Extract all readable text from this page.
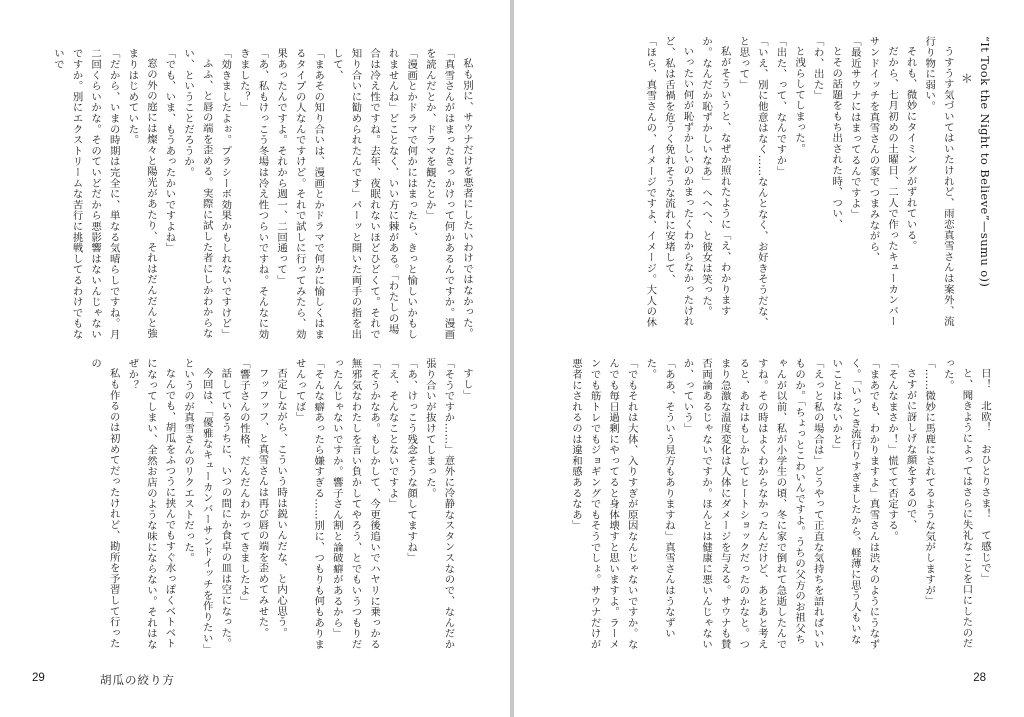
私も別に、サウナだけを悪者にしたいわけではなかった。

「真雪さんがはまったきっかけって何かあるんですか。漫画を読んだとか、ドラマを観たとか」

「漫画とかドラマで何かにはまったら、きっと愉しいかもしれませんね」どことなく、いい方に棘がある。「わたしの場合は冷え性ですね。去年、夜眠れないほどひどくて。それで知り合いに勧められたんです」パーッと開いた両手の指を出して、

「まあその知り合いは、漫画とかドラマで何かに愉しくはまるタイプの人なんですけど。それで試しに行ってみたら、効果あったんですよ。それから週一、二回通って」

「あ、私もけっこう冬場は冷え性つらいですね。そんなに効きました？」

「効きましたよぉ。プラシーボ効果かもしれないですけど」

ふふ、と唇の端を歪める。実際に試した者にしかわからない、ということだろうか。

「でも、いま、もうあったかいですよね」

窓の外の庭には燦々と陽光があたり、それはだんだんと強まりはじめていた。

「だから、いまの時期は完全に、単なる気晴らしですね。月二回くらいかな。そのていどだから悪影響はないんじゃないですか。別にエクストリームな苦行に挑戦してるわけでもないで

すし」

「そうですか……」意外に冷静なスタンスなので、なんだか張り合いが抜けてしまった。

「あ、けっこう残念そうな顔してますね」

「え、そんなことないですよ」

「そうかなあ。もしかして、今更後追いでハヤリに乗っかる無邪気なわたしを言い負かしてやろう、とでもいうつもりだったんじゃないですか。響子さん割と論破癖があるから」

「そんな癖あったら嫌すぎる……別に、つもりも何もありませんってば」

否定しながら、こういう時は鋭いんだな、と内心思う。

フッフッフ、と真雪さんは再び唇の端を歪めてみせた。「響子さんの性格、だんだんわかってきましたよ」

話しているうちに、いつの間にか食卓の皿は空になった。

今回は、「優雅なキューカンバーサンドイッチを作りたい」というのが真雪さんのリクエストだった。

なんでも、胡瓜をふつうに挟んでもすぐ水っぽくベトベトになってしまい、全然お店のような味にならない。それはなぜか？

私も作るのは初めてだったけれど、勘所を予習して行ったの

29	胡瓜の絞り方

“It Took the Night to Believe”—sumu o))

＊

うすうす気づいてはいたけれど、雨恋真雪さんは案外、流行り物に弱い。

それも、微妙にタイミングがずれている。

だから、七月初めの土曜日、二人で作ったキューカンバーサンドイッチを真雪さんの家でつまみながら、

「最近サウナにはまってるんですよ」

とその話題をもち出された時、つい、

「わ、出た」

と洩らしてしまった。

「出た、って、なんですか」

「いえ、別に他意はなく……なんとなく、お好きそうだな、と思って」

私がそういうと、なぜか照れたように「え、わかりますか。なんだか恥ずかしいなあ」へへへ、と彼女は笑った。

いったい何が恥ずかしいのかまったくわからなかったけれど、私は舌禍を危うく免れそうな流れに安堵して、

「ほら、真雪さんの、イメージですよ、イメージ。大人の休

日！　北欧！　おひとりさま！　て感じで」

と、聞きようによってはさらに失礼なことを口にしたのだった。

「……微妙に馬鹿にされてるような気がしますが」

さすがに訝しげな顔をするので、

「そんなまさか！」慌てて否定する。

「まあでも、わかりますよ」真雪さんは渋々のようにうなずく。「いっとき流行りすぎましたから、軽薄に思う人もいないことはないかと」

「えっと私の場合は」どうやって正直な気持ちを語ればいいものか。「ちょっとこわいんですよ。うちの父方のお祖父ちゃんが以前、私が小学生の頃、冬に家で倒れて急逝したんですね。その時はよくわからなかったんだけど、あとあと考えると、あれはもしかしてヒートショックだったのかなと。つまり急激な温度変化は人体にダメージを与える。サウナも賛否両論あるじゃないですか。ほんとは健康に悪いんじゃないか、っていう」

「ああ、そういう見方もありますね」真雪さんはうなずいた。

「でもそれは大体、入りすぎが原因なんじゃないですか。なんでも毎日過剰にやってると身体壊すと思いますよ。ラーメンでも筋トレでもジョギングでもそうでしょ。サウナだけが悪者にされるのは違和感あるなあ」

28
